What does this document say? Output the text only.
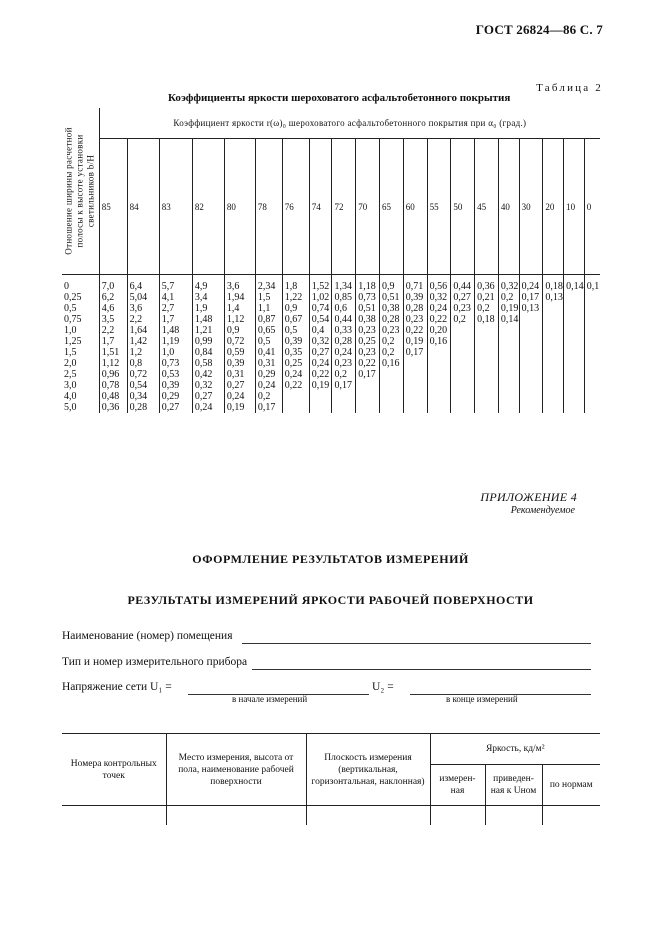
ГОСТ 26824—86 С. 7
Таблица 2
Коэффициенты яркости шероховатого асфальтобетонного покрытия
Отношение ширины расчетной полосы к высоте установки светильников b/H	Коэффициент яркости r(ω)₀ шероховатого асфальтобетонного покрытия при α₀ (град.)																			
	85	84	83	82	80	78	76	74	72	70	65	60	55	50	45	40	30	20	10	0
0	7,0	6,4	5,7	4,9	3,6	2,34	1,8	1,52	1,34	1,18	0,9	0,71	0,56	0,44	0,36	0,32	0,24	0,18	0,14	0,1
0,25	6,2	5,04	4,1	3,4	1,94	1,5	1,22	1,02	0,85	0,73	0,51	0,39	0,32	0,27	0,21	0,2	0,17	0,13		
0,5	4,6	3,6	2,7	1,9	1,4	1,1	0,9	0,74	0,6	0,51	0,38	0,28	0,24	0,23	0,2	0,19	0,13			
0,75	3,5	2,2	1,7	1,48	1,12	0,87	0,67	0,54	0,44	0,38	0,28	0,23	0,22	0,2	0,18	0,14				
1,0	2,2	1,64	1,48	1,21	0,9	0,65	0,5	0,4	0,33	0,23	0,23	0,22	0,20							
1,25	1,7	1,42	1,19	0,99	0,72	0,5	0,39	0,32	0,28	0,25	0,2	0,19	0,16							
1,5	1,51	1,2	1,0	0,84	0,59	0,41	0,35	0,27	0,24	0,23	0,2	0,17								
2,0	1,12	0,8	0,73	0,58	0,39	0,31	0,25	0,24	0,23	0,22	0,16									
2,5	0,96	0,72	0,53	0,42	0,31	0,29	0,24	0,22	0,2	0,17										
3,0	0,78	0,54	0,39	0,32	0,27	0,24	0,22	0,19	0,17											
4,0	0,48	0,34	0,29	0,27	0,24	0,2														
5,0	0,36	0,28	0,27	0,24	0,19	0,17														
ПРИЛОЖЕНИЕ 4
Рекомендуемое
ОФОРМЛЕНИЕ РЕЗУЛЬТАТОВ ИЗМЕРЕНИЙ
РЕЗУЛЬТАТЫ ИЗМЕРЕНИЙ ЯРКОСТИ РАБОЧЕЙ ПОВЕРХНОСТИ
Наименование (номер) помещения
Тип и номер измерительного прибора
Напряжение сети U₁ =	U₂ =
в начале измерений	в конце измерений
Номера контрольных точек	Место измерения, высота от пола, наименование рабочей поверхности	Плоскость измерения (вертикальная, горизонтальная, наклонная)	Яркость, кд/м²		
			измерен-ная	приведен-ная к Uном	по нормам
